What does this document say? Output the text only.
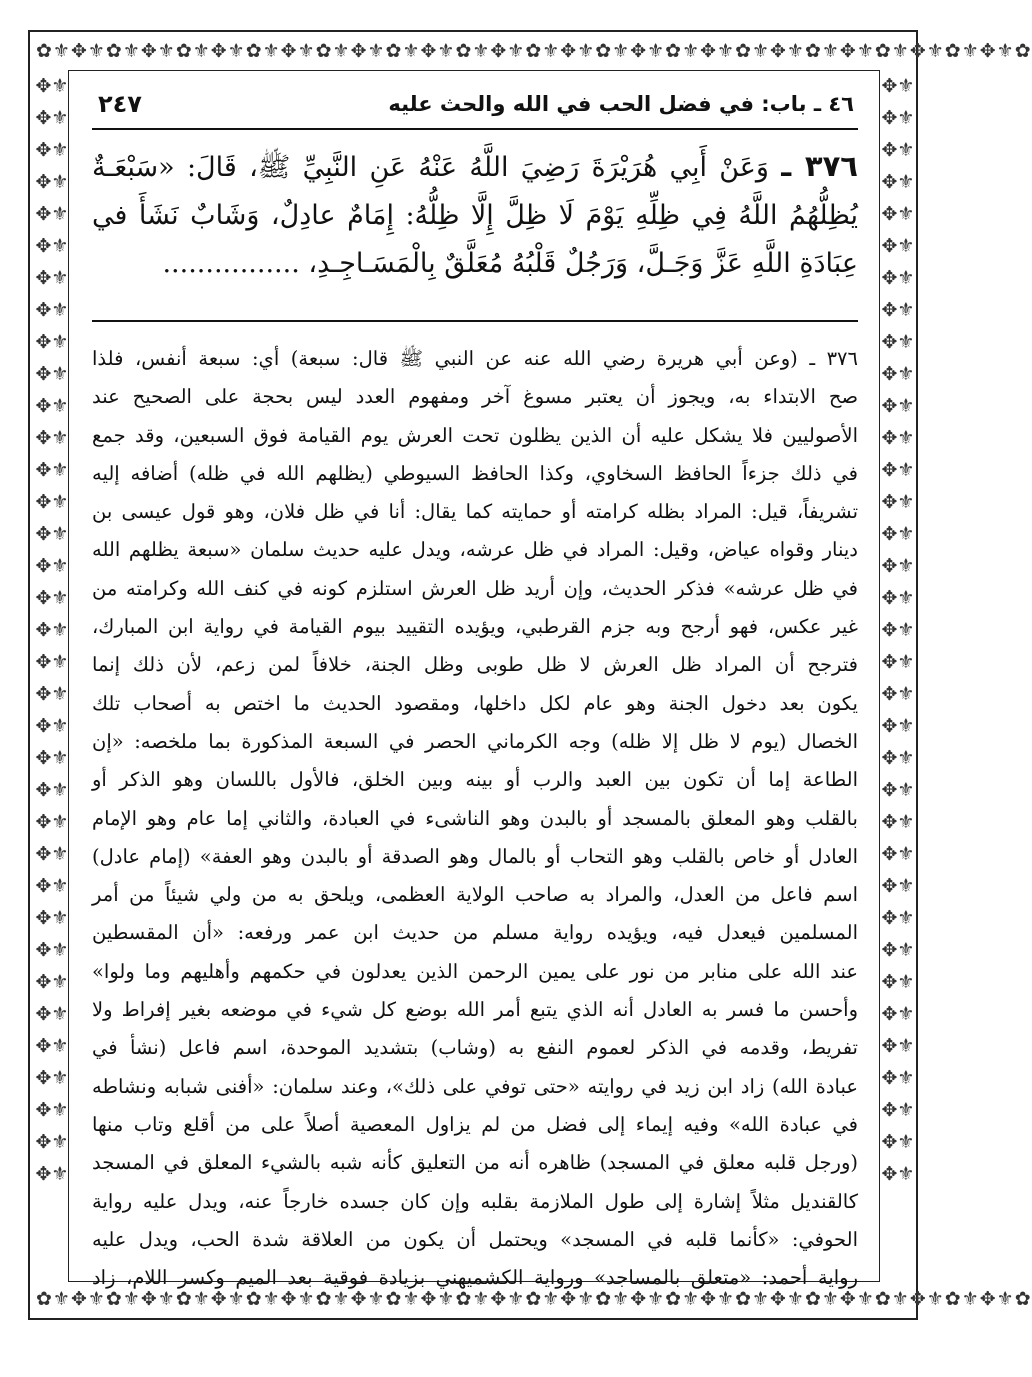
✿⚜✥⚜✿⚜✥⚜✿⚜✥⚜✿⚜✥⚜✿⚜✥⚜✿⚜✥⚜✿⚜✥⚜✿⚜✥⚜✿⚜✥⚜✿⚜✥⚜✿⚜✥⚜✿⚜✥⚜✿⚜✥⚜✿⚜✥⚜✿
✿⚜✥⚜✿⚜✥⚜✿⚜✥⚜✿⚜✥⚜✿⚜✥⚜✿⚜✥⚜✿⚜✥⚜✿⚜✥⚜✿⚜✥⚜✿⚜✥⚜✿⚜✥⚜✿⚜✥⚜✿⚜✥⚜✿⚜✥⚜✿
✥⚜✥⚜✥⚜✥⚜✥⚜✥⚜✥⚜✥⚜✥⚜✥⚜✥⚜✥⚜✥⚜✥⚜✥⚜✥⚜✥⚜✥⚜✥⚜✥⚜✥⚜✥⚜✥⚜✥⚜✥⚜✥⚜✥⚜✥⚜✥⚜✥⚜✥⚜✥⚜✥⚜✥⚜✥⚜
✥⚜✥⚜✥⚜✥⚜✥⚜✥⚜✥⚜✥⚜✥⚜✥⚜✥⚜✥⚜✥⚜✥⚜✥⚜✥⚜✥⚜✥⚜✥⚜✥⚜✥⚜✥⚜✥⚜✥⚜✥⚜✥⚜✥⚜✥⚜✥⚜✥⚜✥⚜✥⚜✥⚜✥⚜✥⚜
٤٦ ـ باب: في فضل الحب في الله والحث عليه
٢٤٧
٣٧٦ ـ وَعَنْ أَبِي هُرَيْرَةَ رَضِيَ اللَّهُ عَنْهُ عَنِ النَّبِيِّ ﷺ، قَالَ: «سَبْعَـةٌ يُظِلُّهُمُ اللَّهُ فِي ظِلِّهِ يَوْمَ لَا ظِلَّ إِلَّا ظِلُّهُ: إِمَامٌ عادِلٌ، وَشَابٌ نَشَأَ في عِبَادَةِ اللَّهِ عَزَّ وَجَـلَّ، وَرَجُلٌ قَلْبُهُ مُعَلَّقٌ بِالْمَسَـاجِـدِ، ................
٣٧٦ ـ (وعن أبي هريرة رضي الله عنه عن النبي ﷺ قال: سبعة) أي: سبعة أنفس، فلذا
صح الابتداء به، ويجوز أن يعتبر مسوغ آخر ومفهوم العدد ليس بحجة على الصحيح عند
الأصوليين فلا يشكل عليه أن الذين يظلون تحت العرش يوم القيامة فوق السبعين، وقد جمع
في ذلك جزءاً الحافظ السخاوي، وكذا الحافظ السيوطي (يظلهم الله في ظله) أضافه إليه
تشريفاً، قيل: المراد بظله كرامته أو حمايته كما يقال: أنا في ظل فلان، وهو قول عيسى بن
دينار وقواه عياض، وقيل: المراد في ظل عرشه، ويدل عليه حديث سلمان «سبعة يظلهم الله
في ظل عرشه» فذكر الحديث، وإن أريد ظل العرش استلزم كونه في كنف الله وكرامته من
غير عكس، فهو أرجح وبه جزم القرطبي، ويؤيده التقييد بيوم القيامة في رواية ابن المبارك،
فترجح أن المراد ظل العرش لا ظل طوبى وظل الجنة، خلافاً لمن زعم، لأن ذلك إنما
يكون بعد دخول الجنة وهو عام لكل داخلها، ومقصود الحديث ما اختص به أصحاب تلك
الخصال (يوم لا ظل إلا ظله) وجه الكرماني الحصر في السبعة المذكورة بما ملخصه: «إن
الطاعة إما أن تكون بين العبد والرب أو بينه وبين الخلق، فالأول باللسان وهو الذكر أو
بالقلب وهو المعلق بالمسجد أو بالبدن وهو الناشىء في العبادة، والثاني إما عام وهو الإمام
العادل أو خاص بالقلب وهو التحاب أو بالمال وهو الصدقة أو بالبدن وهو العفة» (إمام عادل)
اسم فاعل من العدل، والمراد به صاحب الولاية العظمى، ويلحق به من ولي شيئاً من أمر
المسلمين فيعدل فيه، ويؤيده رواية مسلم من حديث ابن عمر ورفعه: «أن المقسطين
عند الله على منابر من نور على يمين الرحمن الذين يعدلون في حكمهم وأهليهم وما ولوا»
وأحسن ما فسر به العادل أنه الذي يتبع أمر الله بوضع كل شيء في موضعه بغير إفراط ولا
تفريط، وقدمه في الذكر لعموم النفع به (وشاب) بتشديد الموحدة، اسم فاعل (نشأ في
عبادة الله) زاد ابن زيد في روايته «حتى توفي على ذلك»، وعند سلمان: «أفنى شبابه ونشاطه
في عبادة الله» وفيه إيماء إلى فضل من لم يزاول المعصية أصلاً على من أقلع وتاب منها
(ورجل قلبه معلق في المسجد) ظاهره أنه من التعليق كأنه شبه بالشيء المعلق في المسجد
كالقنديل مثلاً إشارة إلى طول الملازمة بقلبه وإن كان جسده خارجاً عنه، ويدل عليه رواية
الحوفي: «كأنما قلبه في المسجد» ويحتمل أن يكون من العلاقة شدة الحب، ويدل عليه
رواية أحمد: «متعلق بالمساجد» ورواية الكشميهني بزيادة فوقية بعد الميم وكسر اللام، زاد
